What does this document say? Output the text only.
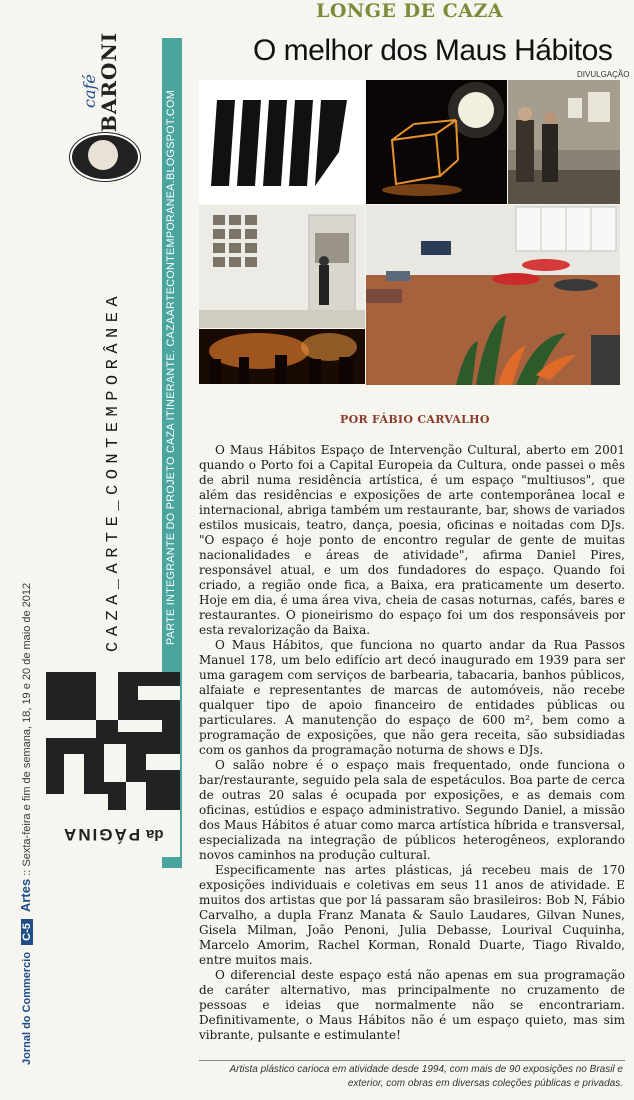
Jornal do Commercio C-5 Artes :: Sexta-feira e fim de semana, 18, 19 e 20 de maio de 2012
BARONI
café
CAZA_ARTE_CONTEMPORÂNEA	PARTE INTEGRANTE DO PROJETO CAZA ITINERANTE. CAZAARTECONTEMPORANEA.BLOGSPOT.COM
PÁGINA da
LONGE DE CAZA
O melhor dos Maus Hábitos
DIVULGAÇÃO
POR FÁBIO CARVALHO

O Maus Hábitos Espaço de Intervenção Cultural, aberto em 2001 quando o Porto foi a Capital Europeia da Cultura, onde passei o mês de abril numa residência artística, é um espaço "multiusos", que além das residências e exposições de arte contemporânea local e internacional, abriga também um restaurante, bar, shows de variados estilos musicais, teatro, dança, poesia, oficinas e noitadas com DJs. "O espaço é hoje ponto de encontro regular de gente de muitas nacionalidades e áreas de atividade", afirma Daniel Pires, responsável atual, e um dos fundadores do espaço. Quando foi criado, a região onde fica, a Baixa, era praticamente um deserto. Hoje em dia, é uma área viva, cheia de casas noturnas, cafés, bares e restaurantes. O pioneirismo do espaço foi um dos responsáveis por esta revalorização da Baixa.

O Maus Hábitos, que funciona no quarto andar da Rua Passos Manuel 178, um belo edifício art decó inaugurado em 1939 para ser uma garagem com serviços de barbearia, tabacaria, banhos públicos, alfaiate e representantes de marcas de automóveis, não recebe qualquer tipo de apoio financeiro de entidades públicas ou particulares. A manutenção do espaço de 600 m², bem como a programação de exposições, que não gera receita, são subsidiadas com os ganhos da programação noturna de shows e DJs.

O salão nobre é o espaço mais frequentado, onde funciona o bar/restaurante, seguido pela sala de espetáculos. Boa parte de cerca de outras 20 salas é ocupada por exposições, e as demais com oficinas, estúdios e espaço administrativo. Segundo Daniel, a missão dos Maus Hábitos é atuar como marca artística híbrida e transversal, especializada na integração de públicos heterogêneos, explorando novos caminhos na produção cultural.

Especificamente nas artes plásticas, já recebeu mais de 170 exposições individuais e coletivas em seus 11 anos de atividade. E muitos dos artistas que por lá passaram são brasileiros: Bob N, Fábio Carvalho, a dupla Franz Manata & Saulo Laudares, Gilvan Nunes, Gisela Milman, João Penoni, Julia Debasse, Lourival Cuquinha, Marcelo Amorim, Rachel Korman, Ronald Duarte, Tiago Rivaldo, entre muitos mais.

O diferencial deste espaço está não apenas em sua programação de caráter alternativo, mas principalmente no cruzamento de pessoas e ideias que normalmente não se encontrariam. Definitivamente, o Maus Hábitos não é um espaço quieto, mas sim vibrante, pulsante e estimulante!

Artista plástico carioca em atividade desde 1994, com mais de 90 exposições no Brasil e exterior, com obras em diversas coleções públicas e privadas.
